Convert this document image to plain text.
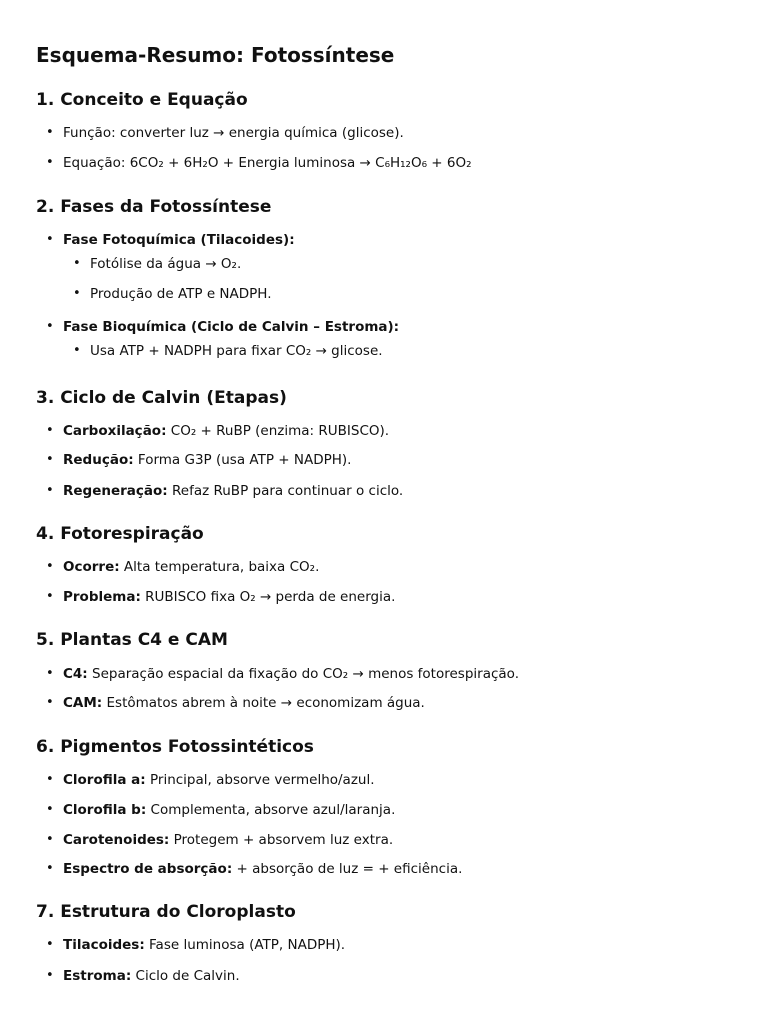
Esquema-Resumo: Fotossíntese
1. Conceito e Equação
• Função: converter luz → energia química (glicose).
• Equação: 6CO₂ + 6H₂O + Energia luminosa → C₆H₁₂O₆ + 6O₂
2. Fases da Fotossíntese
• Fase Fotoquímica (Tilacoides):
• Fotólise da água → O₂.
• Produção de ATP e NADPH.
• Fase Bioquímica (Ciclo de Calvin – Estroma):
• Usa ATP + NADPH para fixar CO₂ → glicose.
3. Ciclo de Calvin (Etapas)
• Carboxilação: CO₂ + RuBP (enzima: RUBISCO).
• Redução: Forma G3P (usa ATP + NADPH).
• Regeneração: Refaz RuBP para continuar o ciclo.
4. Fotorespiração
• Ocorre: Alta temperatura, baixa CO₂.
• Problema: RUBISCO fixa O₂ → perda de energia.
5. Plantas C4 e CAM
• C4: Separação espacial da fixação do CO₂ → menos fotorespiração.
• CAM: Estômatos abrem à noite → economizam água.
6. Pigmentos Fotossintéticos
• Clorofila a: Principal, absorve vermelho/azul.
• Clorofila b: Complementa, absorve azul/laranja.
• Carotenoides: Protegem + absorvem luz extra.
• Espectro de absorção: + absorção de luz = + eficiência.
7. Estrutura do Cloroplasto
• Tilacoides: Fase luminosa (ATP, NADPH).
• Estroma: Ciclo de Calvin.
